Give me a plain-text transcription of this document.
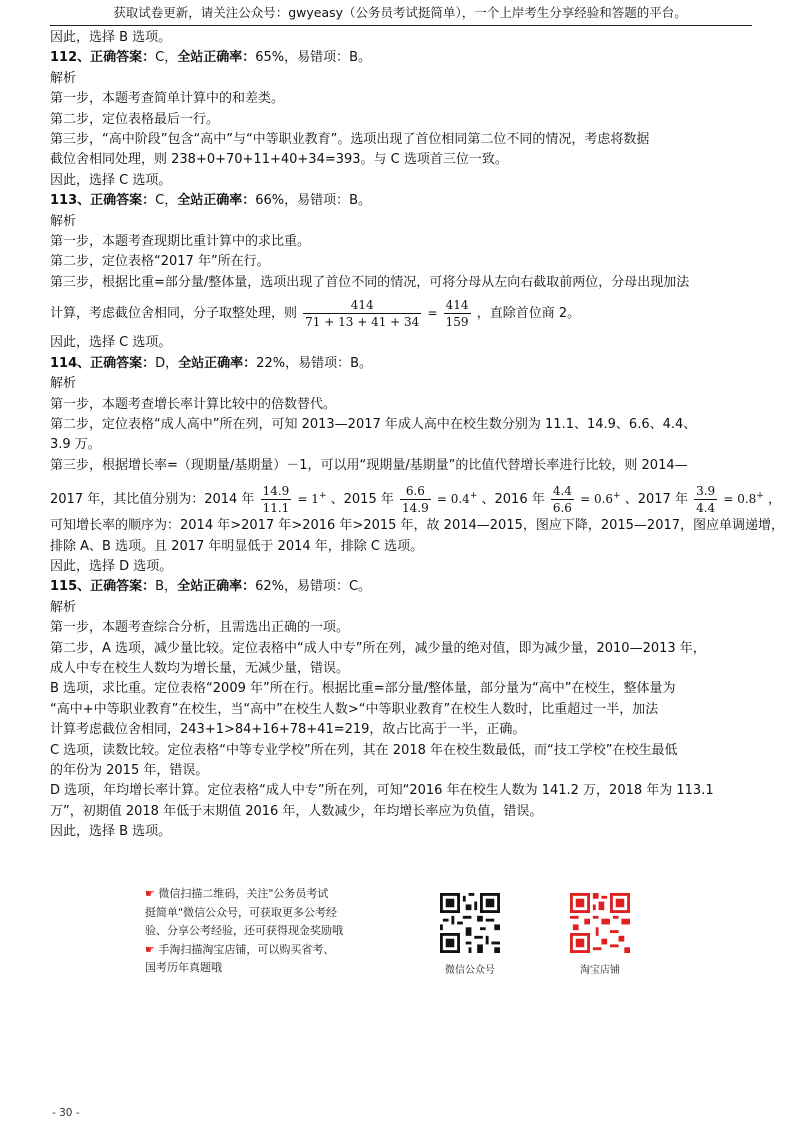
获取试卷更新，请关注公众号：gwyeasy（公务员考试挺简单），一个上岸考生分享经验和答题的平台。
因此，选择 B 选项。
112、正确答案：C，全站正确率：65%，易错项：B。
解析
第一步，本题考查简单计算中的和差类。
第二步，定位表格最后一行。
第三步，“高中阶段”包含“高中”与“中等职业教育”。选项出现了首位相同第二位不同的情况，考虑将数据
截位舍相同处理，则 238+0+70+11+40+34=393。与 C 选项首三位一致。
因此，选择 C 选项。
113、正确答案：C，全站正确率：66%，易错项：B。
解析
第一步，本题考查现期比重计算中的求比重。
第二步，定位表格“2017 年”所在行。
第三步，根据比重=部分量/整体量，选项出现了首位不同的情况，可将分母从左向右截取前两位，分母出现加法
计算，考虑截位舍相同，分子取整处理，则 $\frac{414}{71 + 13 + 41 + 34} = \frac{414}{159}$ ，直除首位商 2。
因此，选择 C 选项。
114、正确答案：D，全站正确率：22%，易错项：B。
解析
第一步，本题考查增长率计算比较中的倍数替代。
第二步，定位表格“成人高中”所在列，可知 2013—2017 年成人高中在校生数分别为 11.1、14.9、6.6、4.4、
3.9 万。
第三步，根据增长率=（现期量/基期量）－1，可以用“现期量/基期量”的比值代替增长率进行比较，则 2014—
2017 年，其比值分别为：2014 年 $\frac{14.9}{11.1} = 1^+$ 、2015 年 $\frac{6.6}{14.9} = 0.4^+$ 、2016 年 $\frac{4.4}{6.6} = 0.6^+$ 、2017 年 $\frac{3.9}{4.4} = 0.8^+$ ，
可知增长率的顺序为：2014 年>2017 年>2016 年>2015 年，故 2014—2015，图应下降，2015—2017，图应单调递增，
排除 A、B 选项。且 2017 年明显低于 2014 年，排除 C 选项。
因此，选择 D 选项。
115、正确答案：B，全站正确率：62%，易错项：C。
解析
第一步，本题考查综合分析，且需选出正确的一项。
第二步，A 选项，减少量比较。定位表格中“成人中专”所在列，减少量的绝对值，即为减少量，2010—2013 年，
成人中专在校生人数均为增长量，无减少量，错误。
B 选项，求比重。定位表格“2009 年”所在行。根据比重=部分量/整体量，部分量为“高中”在校生，整体量为
“高中+中等职业教育”在校生，当“高中”在校生人数>“中等职业教育”在校生人数时，比重超过一半，加法
计算考虑截位舍相同，243+1>84+16+78+41=219，故占比高于一半，正确。
C 选项，读数比较。定位表格“中等专业学校”所在列，其在 2018 年在校生数最低，而“技工学校”在校生最低
的年份为 2015 年，错误。
D 选项，年均增长率计算。定位表格“成人中专”所在列，可知“2016 年在校生人数为 141.2 万，2018 年为 113.1
万”，初期值 2018 年低于末期值 2016 年，人数减少，年均增长率应为负值，错误。
因此，选择 B 选项。
☛ 微信扫描二维码，关注"公务员考试
挺简单"微信公众号，可获取更多公考经
验、分享公考经验，还可获得现金奖励哦
☛ 手淘扫描淘宝店铺，可以购买省考、
国考历年真题哦	微信公众号	淘宝店铺
- 30 -
